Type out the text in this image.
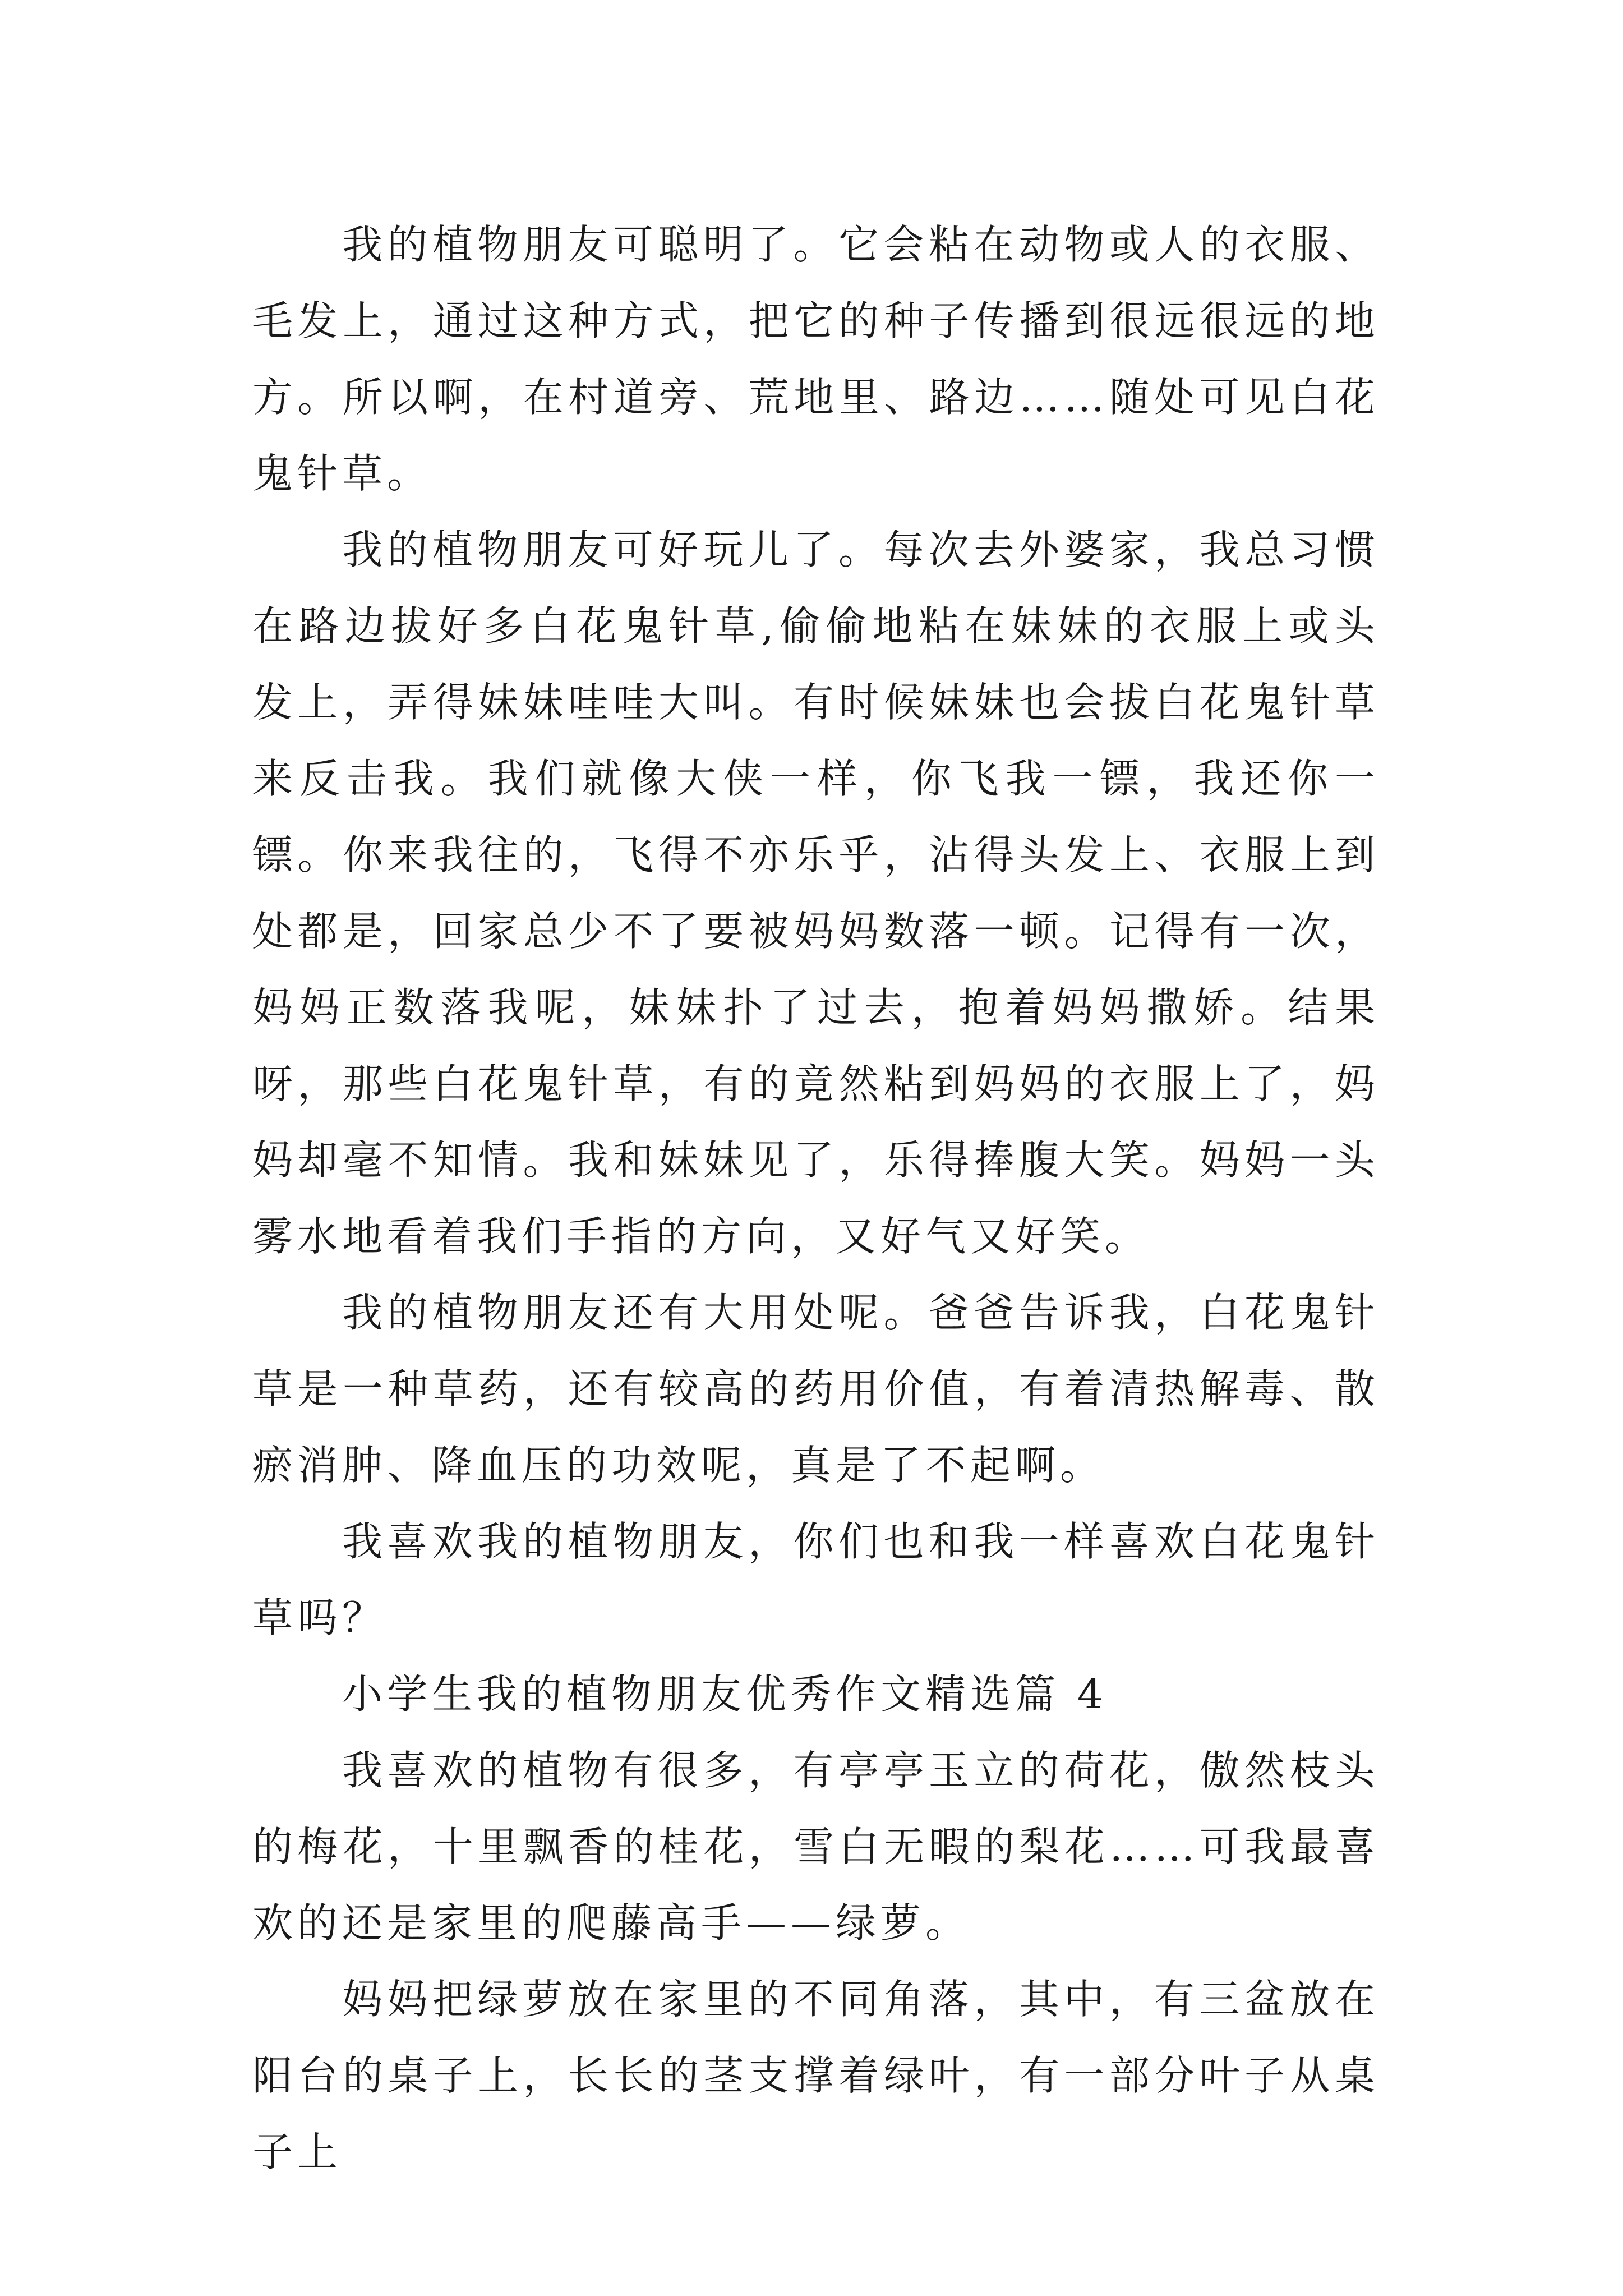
我的植物朋友可聪明了。它会粘在动物或人的衣服、毛发上，通过这种方式，把它的种子传播到很远很远的地方。所以啊，在村道旁、荒地里、路边……随处可见白花鬼针草。

我的植物朋友可好玩儿了。每次去外婆家，我总习惯在路边拔好多白花鬼针草,偷偷地粘在妹妹的衣服上或头发上，弄得妹妹哇哇大叫。有时候妹妹也会拔白花鬼针草来反击我。我们就像大侠一样，你飞我一镖，我还你一镖。你来我往的，飞得不亦乐乎，沾得头发上、衣服上到处都是，回家总少不了要被妈妈数落一顿。记得有一次，妈妈正数落我呢，妹妹扑了过去，抱着妈妈撒娇。结果呀，那些白花鬼针草，有的竟然粘到妈妈的衣服上了，妈妈却毫不知情。我和妹妹见了，乐得捧腹大笑。妈妈一头雾水地看着我们手指的方向，又好气又好笑。

我的植物朋友还有大用处呢。爸爸告诉我，白花鬼针草是一种草药，还有较高的药用价值，有着清热解毒、散瘀消肿、降血压的功效呢，真是了不起啊。

我喜欢我的植物朋友，你们也和我一样喜欢白花鬼针草吗？

小学生我的植物朋友优秀作文精选篇 4

我喜欢的植物有很多，有亭亭玉立的荷花，傲然枝头的梅花，十里飘香的桂花，雪白无暇的梨花……可我最喜欢的还是家里的爬藤高手——绿萝。

妈妈把绿萝放在家里的不同角落，其中，有三盆放在阳台的桌子上，长长的茎支撑着绿叶，有一部分叶子从桌子上
